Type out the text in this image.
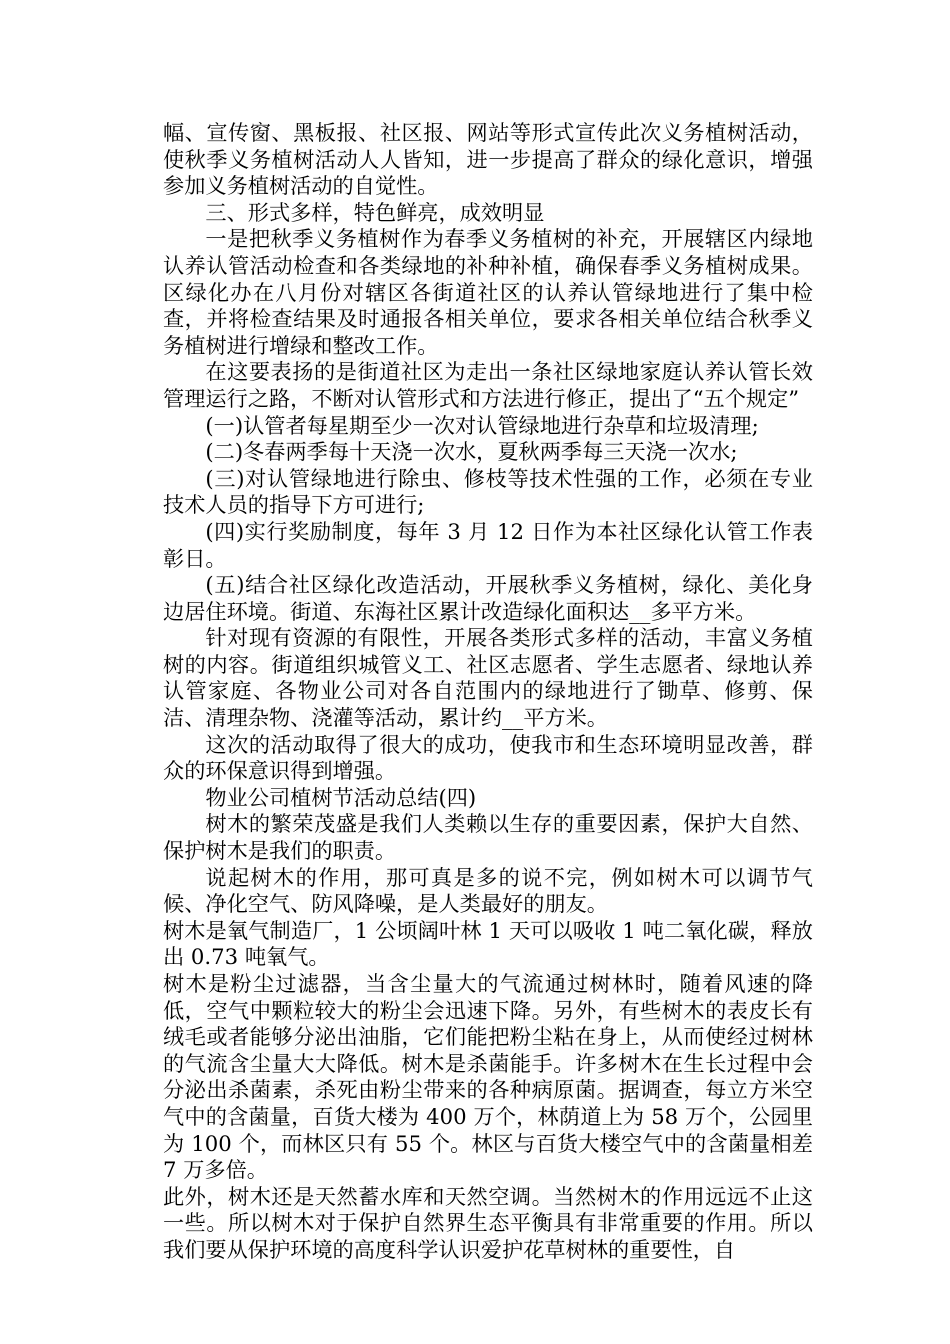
幅、宣传窗、黑板报、社区报、网站等形式宣传此次义务植树活动，使秋季义务植树活动人人皆知，进一步提高了群众的绿化意识，增强参加义务植树活动的自觉性。

三、形式多样，特色鲜亮，成效明显

一是把秋季义务植树作为春季义务植树的补充，开展辖区内绿地认养认管活动检查和各类绿地的补种补植，确保春季义务植树成果。区绿化办在八月份对辖区各街道社区的认养认管绿地进行了集中检查，并将检查结果及时通报各相关单位，要求各相关单位结合秋季义务植树进行增绿和整改工作。

在这要表扬的是街道社区为走出一条社区绿地家庭认养认管长效管理运行之路，不断对认管形式和方法进行修正，提出了“五个规定”

(一)认管者每星期至少一次对认管绿地进行杂草和垃圾清理;

(二)冬春两季每十天浇一次水，夏秋两季每三天浇一次水;

(三)对认管绿地进行除虫、修枝等技术性强的工作，必须在专业技术人员的指导下方可进行;

(四)实行奖励制度，每年 3 月 12 日作为本社区绿化认管工作表彰日。

(五)结合社区绿化改造活动，开展秋季义务植树，绿化、美化身边居住环境。街道、东海社区累计改造绿化面积达__多平方米。

针对现有资源的有限性，开展各类形式多样的活动，丰富义务植树的内容。街道组织城管义工、社区志愿者、学生志愿者、绿地认养认管家庭、各物业公司对各自范围内的绿地进行了锄草、修剪、保洁、清理杂物、浇灌等活动，累计约__平方米。

这次的活动取得了很大的成功，使我市和生态环境明显改善，群众的环保意识得到增强。

物业公司植树节活动总结(四)

树木的繁荣茂盛是我们人类赖以生存的重要因素，保护大自然、保护树木是我们的职责。

说起树木的作用，那可真是多的说不完，例如树木可以调节气候、净化空气、防风降噪，是人类最好的朋友。

树木是氧气制造厂，1 公顷阔叶林 1 天可以吸收 1 吨二氧化碳，释放出 0.73 吨氧气。

树木是粉尘过滤器，当含尘量大的气流通过树林时，随着风速的降低，空气中颗粒较大的粉尘会迅速下降。另外，有些树木的表皮长有绒毛或者能够分泌出油脂，它们能把粉尘粘在身上，从而使经过树林的气流含尘量大大降低。树木是杀菌能手。许多树木在生长过程中会分泌出杀菌素，杀死由粉尘带来的各种病原菌。据调查，每立方米空气中的含菌量，百货大楼为 400 万个，林荫道上为 58 万个，公园里为 100 个，而林区只有 55 个。林区与百货大楼空气中的含菌量相差 7 万多倍。

此外，树木还是天然蓄水库和天然空调。当然树木的作用远远不止这一些。所以树木对于保护自然界生态平衡具有非常重要的作用。所以我们要从保护环境的高度科学认识爱护花草树林的重要性，自
